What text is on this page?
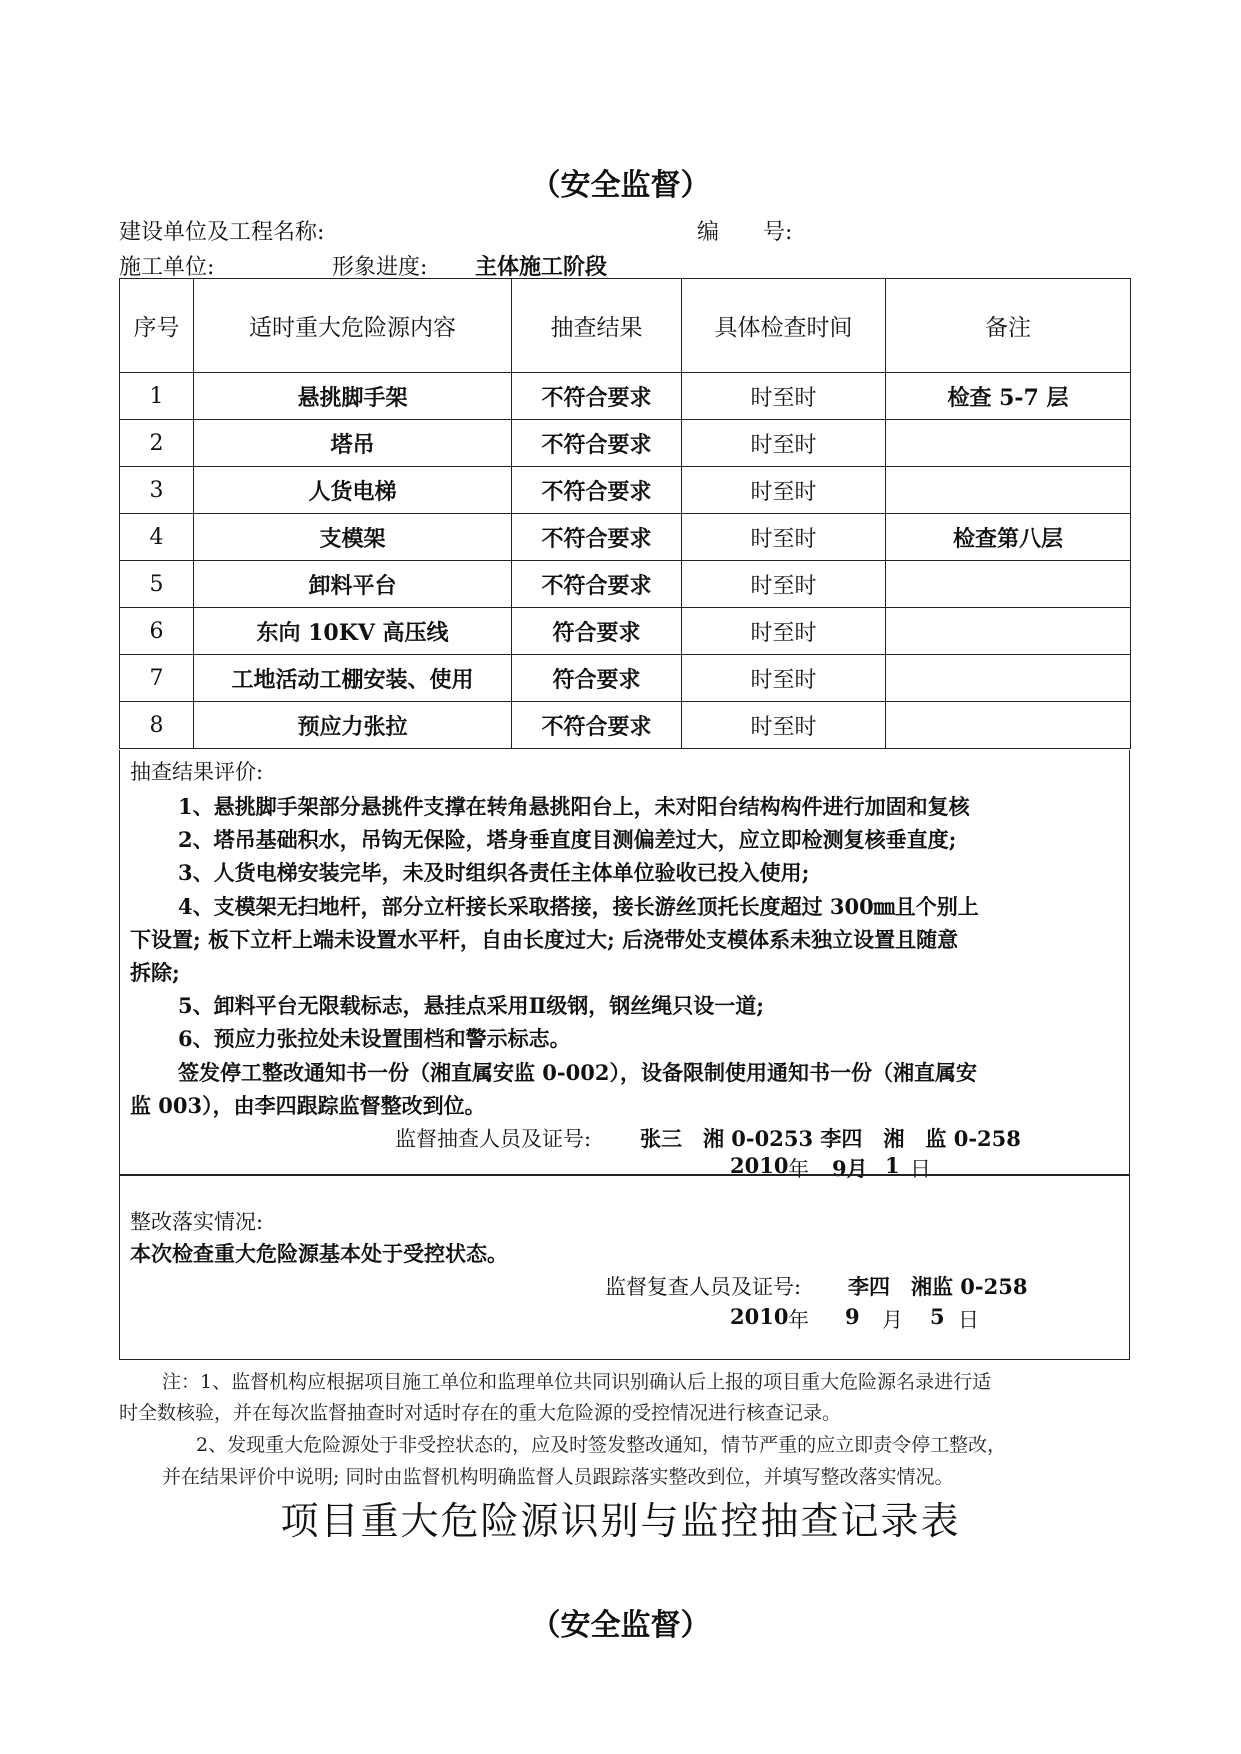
（安全监督）
建设单位及工程名称:	编　　号:
施工单位:	形象进度: 主体施工阶段
序号	适时重大危险源内容	抽查结果	具体检查时间	备注
1	悬挑脚手架	不符合要求	时至时	检查 5-7 层
2	塔吊	不符合要求	时至时	
3	人货电梯	不符合要求	时至时	
4	支模架	不符合要求	时至时	检查第八层
5	卸料平台	不符合要求	时至时	
6	东向 10KV 高压线	符合要求	时至时	
7	工地活动工棚安装、使用	符合要求	时至时	
8	预应力张拉	不符合要求	时至时	
抽查结果评价:
1、悬挑脚手架部分悬挑件支撑在转角悬挑阳台上，未对阳台结构构件进行加固和复核
2、塔吊基础积水，吊钩无保险，塔身垂直度目测偏差过大，应立即检测复核垂直度;
3、人货电梯安装完毕，未及时组织各责任主体单位验收已投入使用;
4、支模架无扫地杆，部分立杆接长采取搭接，接长游丝顶托长度超过 300㎜且个别上
下设置; 板下立杆上端未设置水平杆，自由长度过大; 后浇带处支模体系未独立设置且随意
拆除;
5、卸料平台无限载标志，悬挂点采用Ⅱ级钢，钢丝绳只设一道;
6、预应力张拉处未设置围档和警示标志。
签发停工整改通知书一份（湘直属安监 0-002），设备限制使用通知书一份（湘直属安
监 003），由李四跟踪监督整改到位。
监督抽查人员及证号: 张三　湘 0-0253 李四　湘　监 0-258
2010 年 9月 1 日
整改落实情况:
本次检查重大危险源基本处于受控状态。
监督复查人员及证号: 李四　湘监 0-258
2010 年 9 月 5 日
注：1、监督机构应根据项目施工单位和监理单位共同识别确认后上报的项目重大危险源名录进行适
时全数核验，并在每次监督抽查时对适时存在的重大危险源的受控情况进行核查记录。
2、发现重大危险源处于非受控状态的，应及时签发整改通知，情节严重的应立即责令停工整改，
并在结果评价中说明; 同时由监督机构明确监督人员跟踪落实整改到位，并填写整改落实情况。
项目重大危险源识别与监控抽查记录表
（安全监督）
